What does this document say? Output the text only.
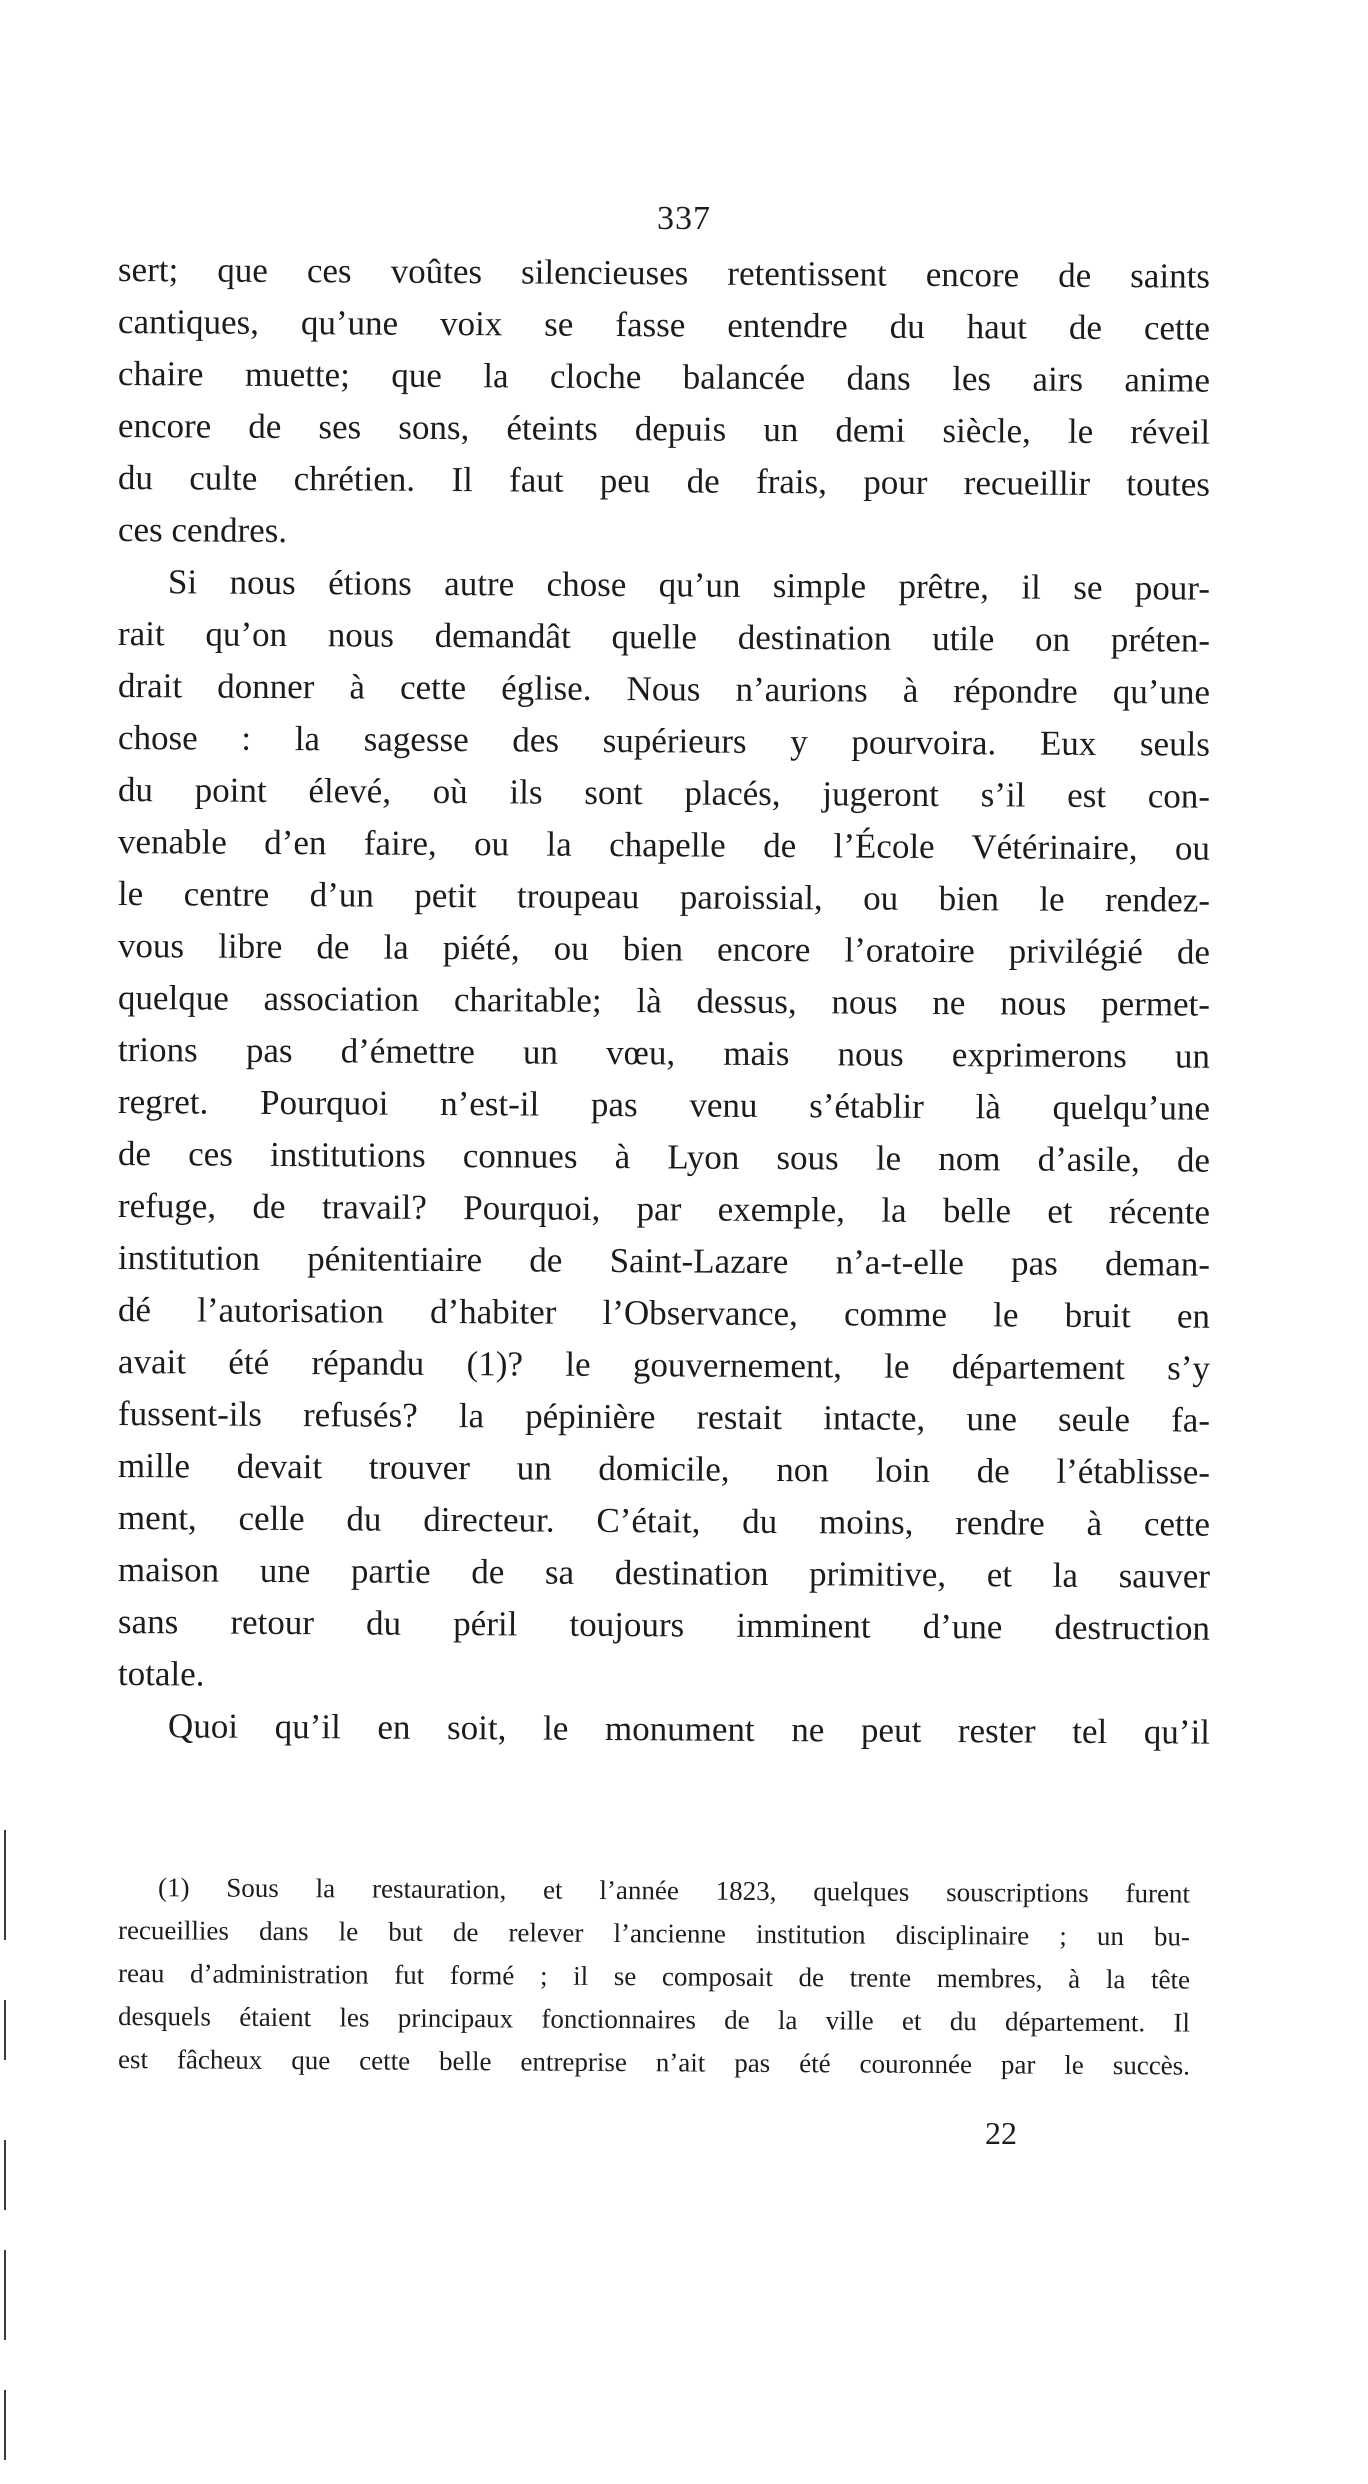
337
sert; que ces voûtes silencieuses retentissent encore de saints
cantiques, qu’une voix se fasse entendre du haut de cette
chaire muette; que la cloche balancée dans les airs anime
encore de ses sons, éteints depuis un demi siècle, le réveil
du culte chrétien. Il faut peu de frais, pour recueillir toutes
ces cendres.
Si nous étions autre chose qu’un simple prêtre, il se pour-
rait qu’on nous demandât quelle destination utile on préten-
drait donner à cette église. Nous n’aurions à répondre qu’une
chose : la sagesse des supérieurs y pourvoira. Eux seuls
du point élevé, où ils sont placés, jugeront s’il est con-
venable d’en faire, ou la chapelle de l’École Vétérinaire, ou
le centre d’un petit troupeau paroissial, ou bien le rendez-
vous libre de la piété, ou bien encore l’oratoire privilégié de
quelque association charitable; là dessus, nous ne nous permet-
trions pas d’émettre un vœu, mais nous exprimerons un
regret. Pourquoi n’est-il pas venu s’établir là quelqu’une
de ces institutions connues à Lyon sous le nom d’asile, de
refuge, de travail? Pourquoi, par exemple, la belle et récente
institution pénitentiaire de Saint-Lazare n’a-t-elle pas deman-
dé l’autorisation d’habiter l’Observance, comme le bruit en
avait été répandu (1)? le gouvernement, le département s’y
fussent-ils refusés? la pépinière restait intacte, une seule fa-
mille devait trouver un domicile, non loin de l’établisse-
ment, celle du directeur. C’était, du moins, rendre à cette
maison une partie de sa destination primitive, et la sauver
sans retour du péril toujours imminent d’une destruction
totale.
Quoi qu’il en soit, le monument ne peut rester tel qu’il
(1) Sous la restauration, et l’année 1823, quelques souscriptions furent
recueillies dans le but de relever l’ancienne institution disciplinaire ; un bu-
reau d’administration fut formé ; il se composait de trente membres, à la tête
desquels étaient les principaux fonctionnaires de la ville et du département. Il
est fâcheux que cette belle entreprise n’ait pas été couronnée par le succès.
22
